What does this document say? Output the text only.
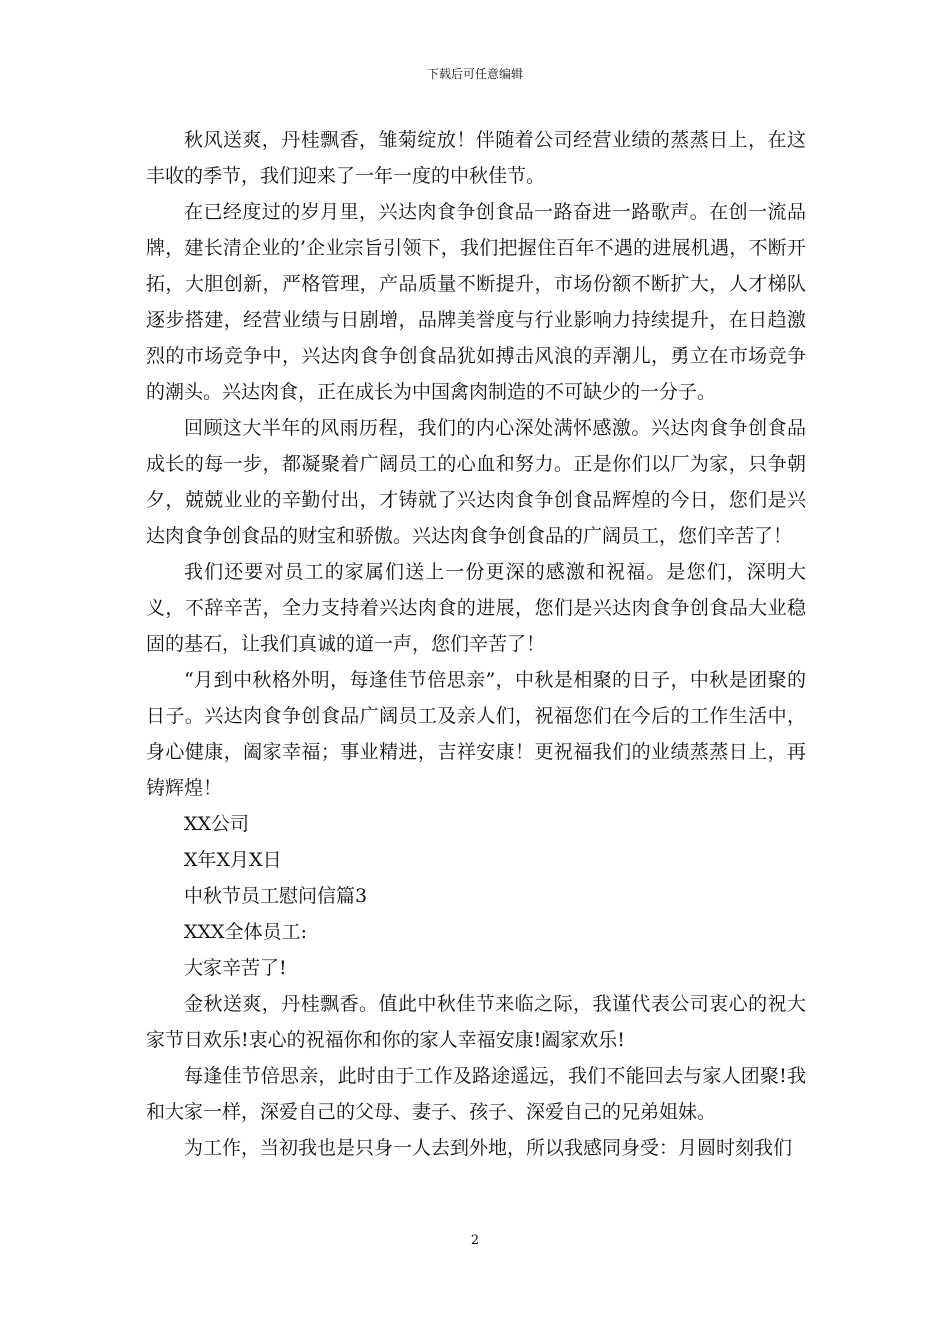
下载后可任意编辑

秋风送爽，丹桂飘香，雏菊绽放！伴随着公司经营业绩的蒸蒸日上，在这丰收的季节，我们迎来了一年一度的中秋佳节。

在已经度过的岁月里，兴达肉食争创食品一路奋进一路歌声。在创一流品牌，建长清企业的’企业宗旨引领下，我们把握住百年不遇的进展机遇，不断开拓，大胆创新，严格管理，产品质量不断提升，市场份额不断扩大，人才梯队逐步搭建，经营业绩与日剧增，品牌美誉度与行业影响力持续提升，在日趋激烈的市场竞争中，兴达肉食争创食品犹如搏击风浪的弄潮儿，勇立在市场竞争的潮头。兴达肉食，正在成长为中国禽肉制造的不可缺少的一分子。

回顾这大半年的风雨历程，我们的内心深处满怀感激。兴达肉食争创食品成长的每一步，都凝聚着广阔员工的心血和努力。正是你们以厂为家，只争朝夕，兢兢业业的辛勤付出，才铸就了兴达肉食争创食品辉煌的今日，您们是兴达肉食争创食品的财宝和骄傲。兴达肉食争创食品的广阔员工，您们辛苦了！

我们还要对员工的家属们送上一份更深的感激和祝福。是您们，深明大义，不辞辛苦，全力支持着兴达肉食的进展，您们是兴达肉食争创食品大业稳固的基石，让我们真诚的道一声，您们辛苦了！

“月到中秋格外明，每逢佳节倍思亲”，中秋是相聚的日子，中秋是团聚的日子。兴达肉食争创食品广阔员工及亲人们，祝福您们在今后的工作生活中，身心健康，阖家幸福；事业精进，吉祥安康！更祝福我们的业绩蒸蒸日上，再铸辉煌！

XX公司

X年X月X日

中秋节员工慰问信篇3

XXX全体员工:

大家辛苦了!

金秋送爽，丹桂飘香。值此中秋佳节来临之际，我谨代表公司衷心的祝大家节日欢乐!衷心的祝福你和你的家人幸福安康!阖家欢乐!

每逢佳节倍思亲，此时由于工作及路途遥远，我们不能回去与家人团聚!我和大家一样，深爱自己的父母、妻子、孩子、深爱自己的兄弟姐妹。

为工作，当初我也是只身一人去到外地，所以我感同身受：月圆时刻我们

2
